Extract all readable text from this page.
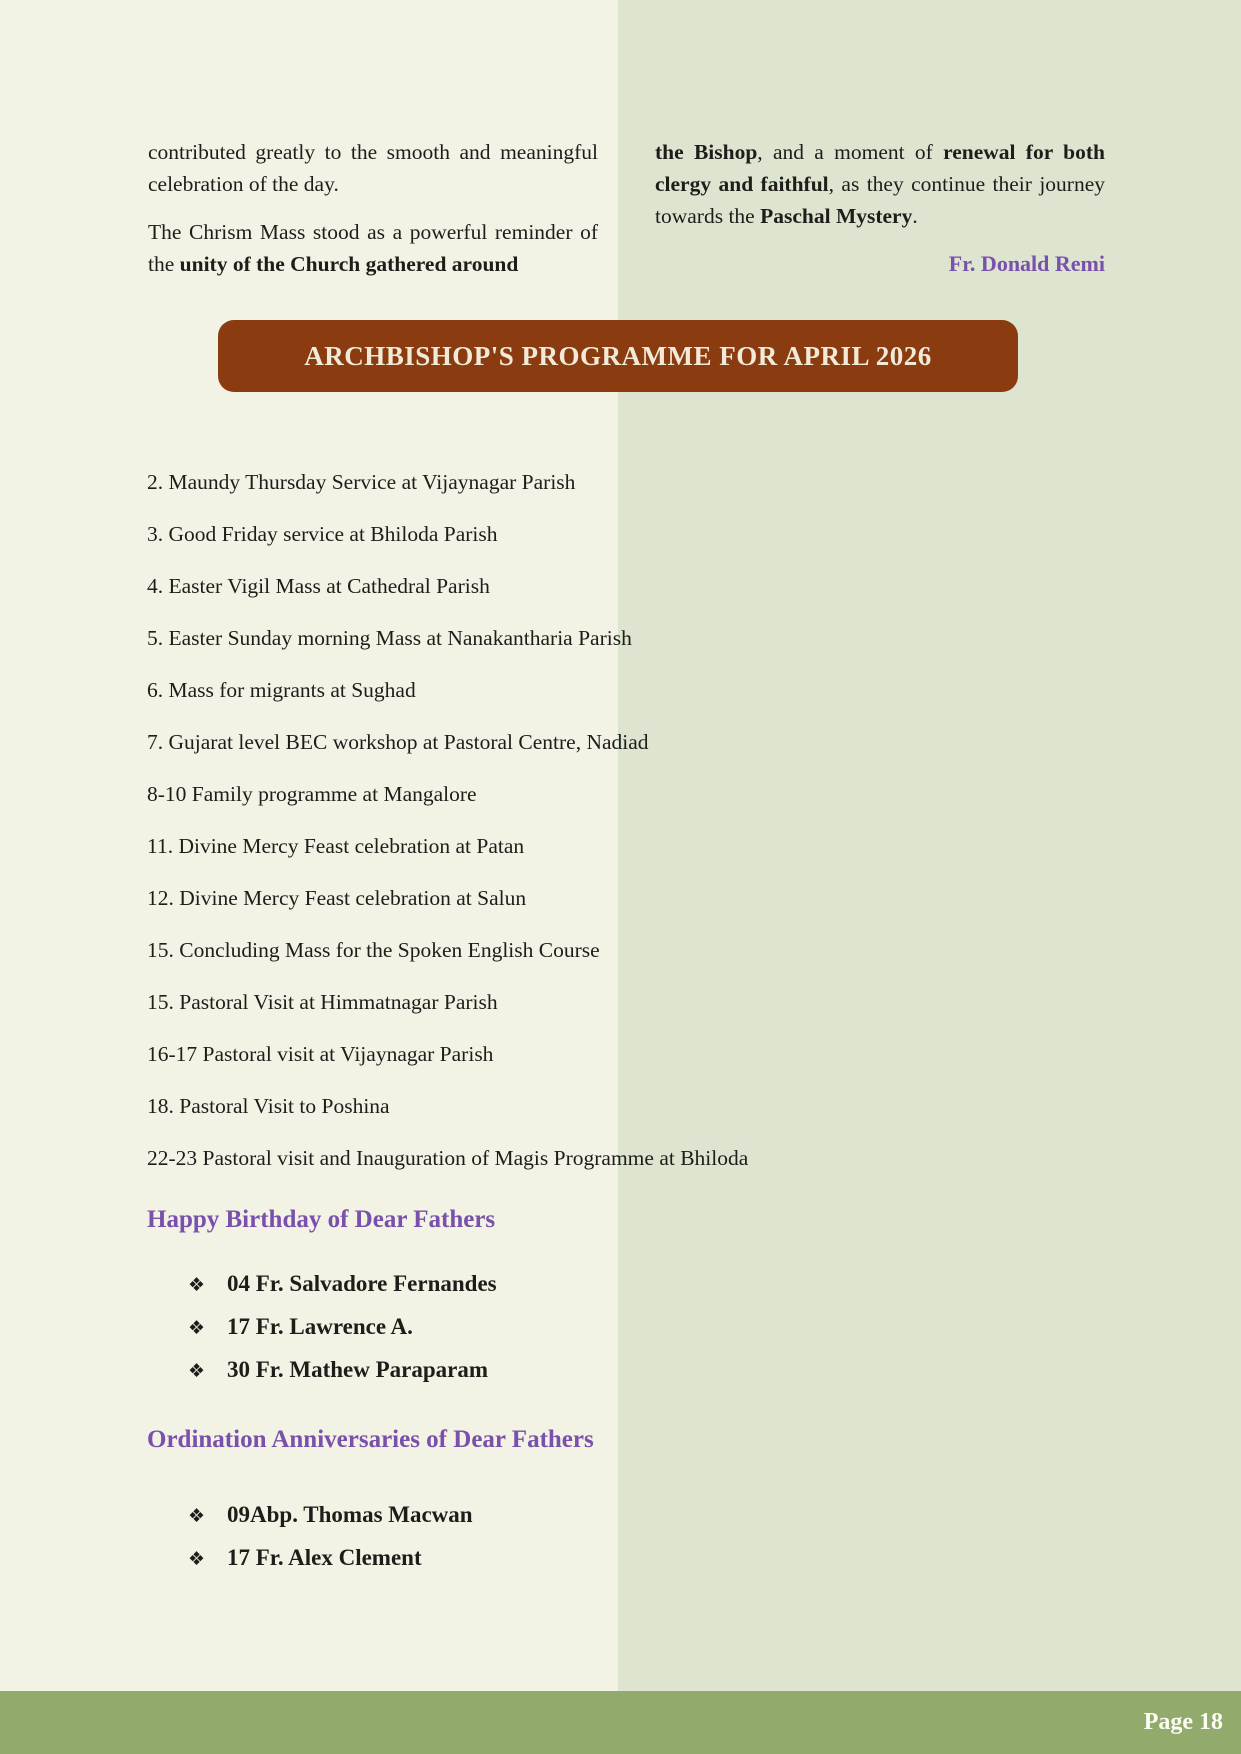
contributed greatly to the smooth and meaningful celebration of the day.

The Chrism Mass stood as a powerful reminder of the unity of the Church gathered around

the Bishop, and a moment of renewal for both clergy and faithful, as they continue their journey towards the Paschal Mystery.

Fr. Donald Remi
ARCHBISHOP'S PROGRAMME FOR APRIL 2026
2. Maundy Thursday Service at Vijaynagar Parish
3. Good Friday service at Bhiloda Parish
4. Easter Vigil Mass at Cathedral Parish
5. Easter Sunday morning Mass at Nanakantharia Parish
6. Mass for migrants at Sughad
7. Gujarat level BEC workshop at Pastoral Centre, Nadiad
8-10 Family programme at Mangalore
11. Divine Mercy Feast celebration at Patan
12. Divine Mercy Feast celebration at Salun
15. Concluding Mass for the Spoken English Course
15. Pastoral Visit at Himmatnagar Parish
16-17 Pastoral visit at Vijaynagar Parish
18. Pastoral Visit to Poshina
22-23 Pastoral visit and Inauguration of Magis Programme at Bhiloda
Happy Birthday of Dear Fathers
❖ 04 Fr. Salvadore Fernandes
❖ 17 Fr. Lawrence A.
❖ 30 Fr. Mathew Paraparam
Ordination Anniversaries of Dear Fathers
❖ 09Abp. Thomas Macwan
❖ 17 Fr. Alex Clement
Page 18
